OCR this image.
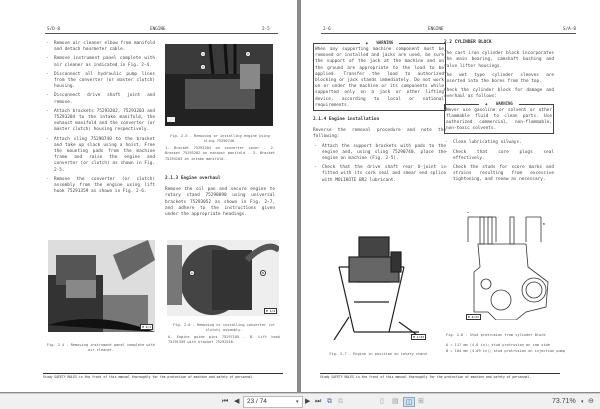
S/D-8	ENGINE	2-5
- Remove air cleaner elbow from manifold and detach hourmeter cable.
- Remove instrument panel complete with air cleaner as indicated in Fig. 2-4.
- Disconnect all hydraulic pump lines from the converter (or master clutch) housing.
- Disconnect drive shaft joint and remove.
- Attach brackets 75293202, 75293203 and 75293204 to the intake manifold, the exhaust manifold and the converter (or master clutch) housing respectively.
- Attach sling 75290740 to the bracket and take up slack using a hoist. Free the mounting pads from the machine frame and raise the engine and converter (or clutch) as shown in Fig. 2-5.
- Remove the converter (or clutch) assembly from the engine using lift hook 75291359 as shown in Fig. 2-6.
1	2
3
Fig. 2-5 - Removing or installing engine using sling 75290740.
1. Bracket 75293204 on converter cover - 2. Bracket 75293202 on exhaust manifold - 3. Bracket 75293203 on intake manifold.
2.1.3 Engine overhaul

Remove the oil pan and secure engine to rotary stand 75290090 using universal brackets 75293052 as shown in Fig. 2-7, and adhere to the instructions given under the appropriate headings.

M 2/1
Fig. 2-4 - Removing instrument panel complete with air cleaner.
A	B
M 1/2
Fig. 2-6 - Removing or installing converter (or clutch) assembly.
A. Engine guide pins 75297105 - B. Lift hook 75291359 with bracket 75292516.
Study SAFETY RULES in the front of this manual thoroughly for the protection of machine and safety of personnel.
2-6	ENGINE	S/A-8
▲ WARNING
When any supporting machine component must be removed or installed and jacks are used, be sure the support of the jack at the machine and on the ground are appropriate to the load to be applied. Transfer the load to authorized blocking or jack stands immediately. Do not work on or under the machine or its components while supported only on a jack or other lifting device, according to local or national requirements.
2.1.4 Engine installation

Reverse the removal procedure and note the following:

- Attach the support brackets with pads to the engine and, using sling 75290740, place the engine on machine (Fig. 2-5).
- Check that the drive shaft rear U-joint is fitted with its cork seal and smear end splice with MOLIKOTE BR2 lubricant.
2.2 CYLINDER BLOCK

The cast iron cylinder block incorporates the main bearing, camshaft bushing and valve lifter housings.

The wet type cylinder sleeves are inserted into the bores from the top.

Check the cylinder block for damage and overhaul as follows:

▲ WARNING
Never use gasoline or solvent or other flammable fluid to clean parts. Use authorized commercial, non-flammable, non-toxic solvents.
- Clean lubricating oilways.
- Check that core plugs seal effectively.
- Check the studs for score marks and strains resulting from excessive tightening, and renew as necessary.
M 1/23
Fig. 2-7 - Engine in position on rotary stand
A
B
M 4/23
Fig. 2-8 - Stud protrusion from cylinder block
A = 117 mm (4.6 in); stud protrusion on cam side
B = 104 mm (4.09 in); stud protrusion on injection pump
Study SAFETY RULES in the front of this manual thoroughly for the protection of machine and safety of personnel.
⏮ ◀	23 / 74	▾ ▶ ⏭ ⧉ ⧉	▯ ▤	◫ ⊞	73.71% ▾ ⊖
